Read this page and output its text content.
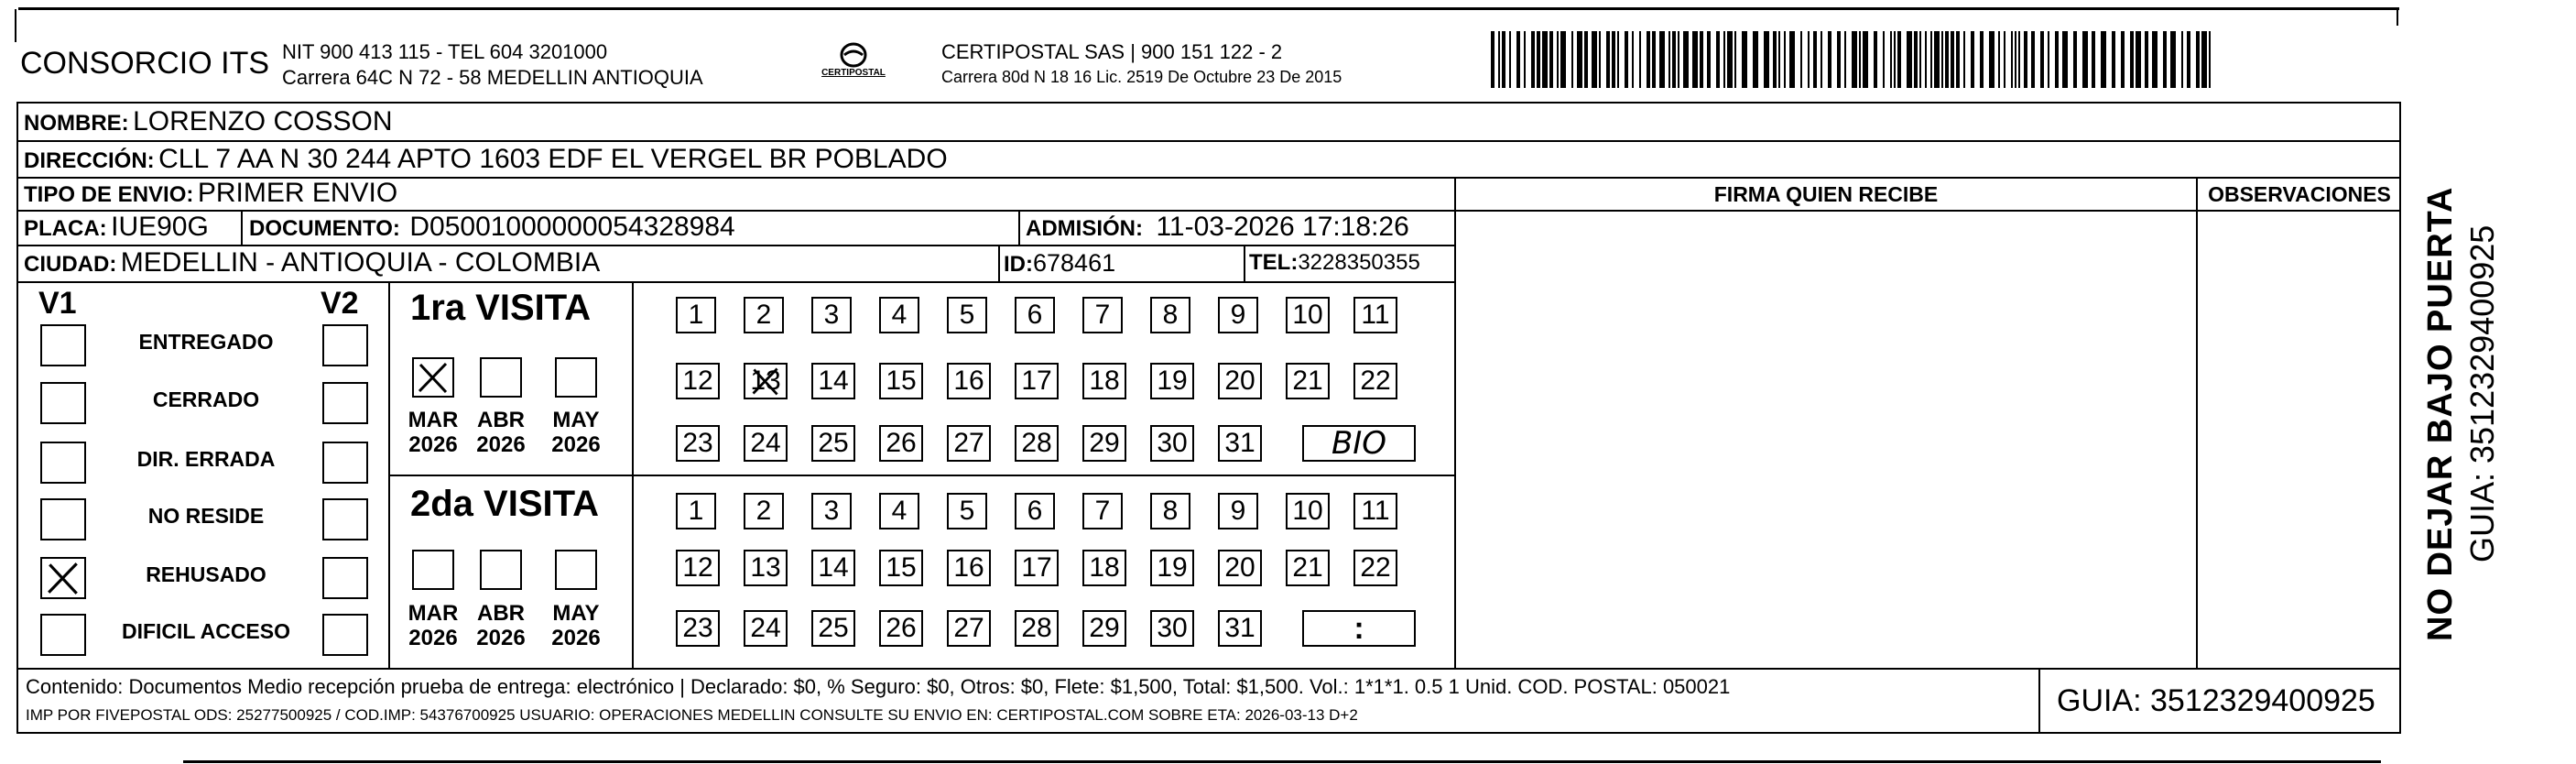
CONSORCIO ITS NIT 900 413 115 - TEL 604 3201000
Carrera 64C N 72 - 58 MEDELLIN ANTIOQUIA	CERTIPOSTAL
CERTIPOSTAL SAS | 900 151 122 - 2
Carrera 80d N 18 16 Lic. 2519 De Octubre 23 De 2015
NOMBRE: LORENZO COSSON
DIRECCIÓN: CLL 7 AA N 30 244 APTO 1603 EDF EL VERGEL BR POBLADO
TIPO DE ENVIO: PRIMER ENVIO	FIRMA QUIEN RECIBE	OBSERVACIONES
PLACA: IUE90G DOCUMENTO: D05001000000054328984	ADMISIÓN: 11-03-2026 17:18:26
CIUDAD: MEDELLIN - ANTIOQUIA - COLOMBIA	ID:678461	TEL:3228350355
V1	V2
ENTREGADO
CERRADO
DIR. ERRADA
NO RESIDE
REHUSADO
DIFICIL ACCESO
1ra VISITA
MAR
2026
ABR
2026
MAY
2026
1	2	3	4	5	6	7	8	9	10 11
12 13 14 15 16 17 18 19 20 21 22
23 24 25 26 27 28 29 30 31	BIO
2da VISITA
MAR
2026
ABR
2026
MAY
2026
1	2	3	4	5	6	7	8	9	10 11
12 13 14 15 16 17 18 19 20 21 22
23 24 25 26 27 28 29 30 31	:
Contenido: Documentos Medio recepción prueba de entrega: electrónico | Declarado: $0, % Seguro: $0, Otros: $0, Flete: $1,500, Total: $1,500. Vol.: 1*1*1. 0.5 1 Unid. COD. POSTAL: 050021
IMP POR FIVEPOSTAL ODS: 25277500925 / COD.IMP: 54376700925 USUARIO: OPERACIONES MEDELLIN CONSULTE SU ENVIO EN: CERTIPOSTAL.COM SOBRE ETA: 2026-03-13 D+2	GUIA: 3512329400925
NO DEJAR BAJO PUERTA GUIA: 3512329400925
